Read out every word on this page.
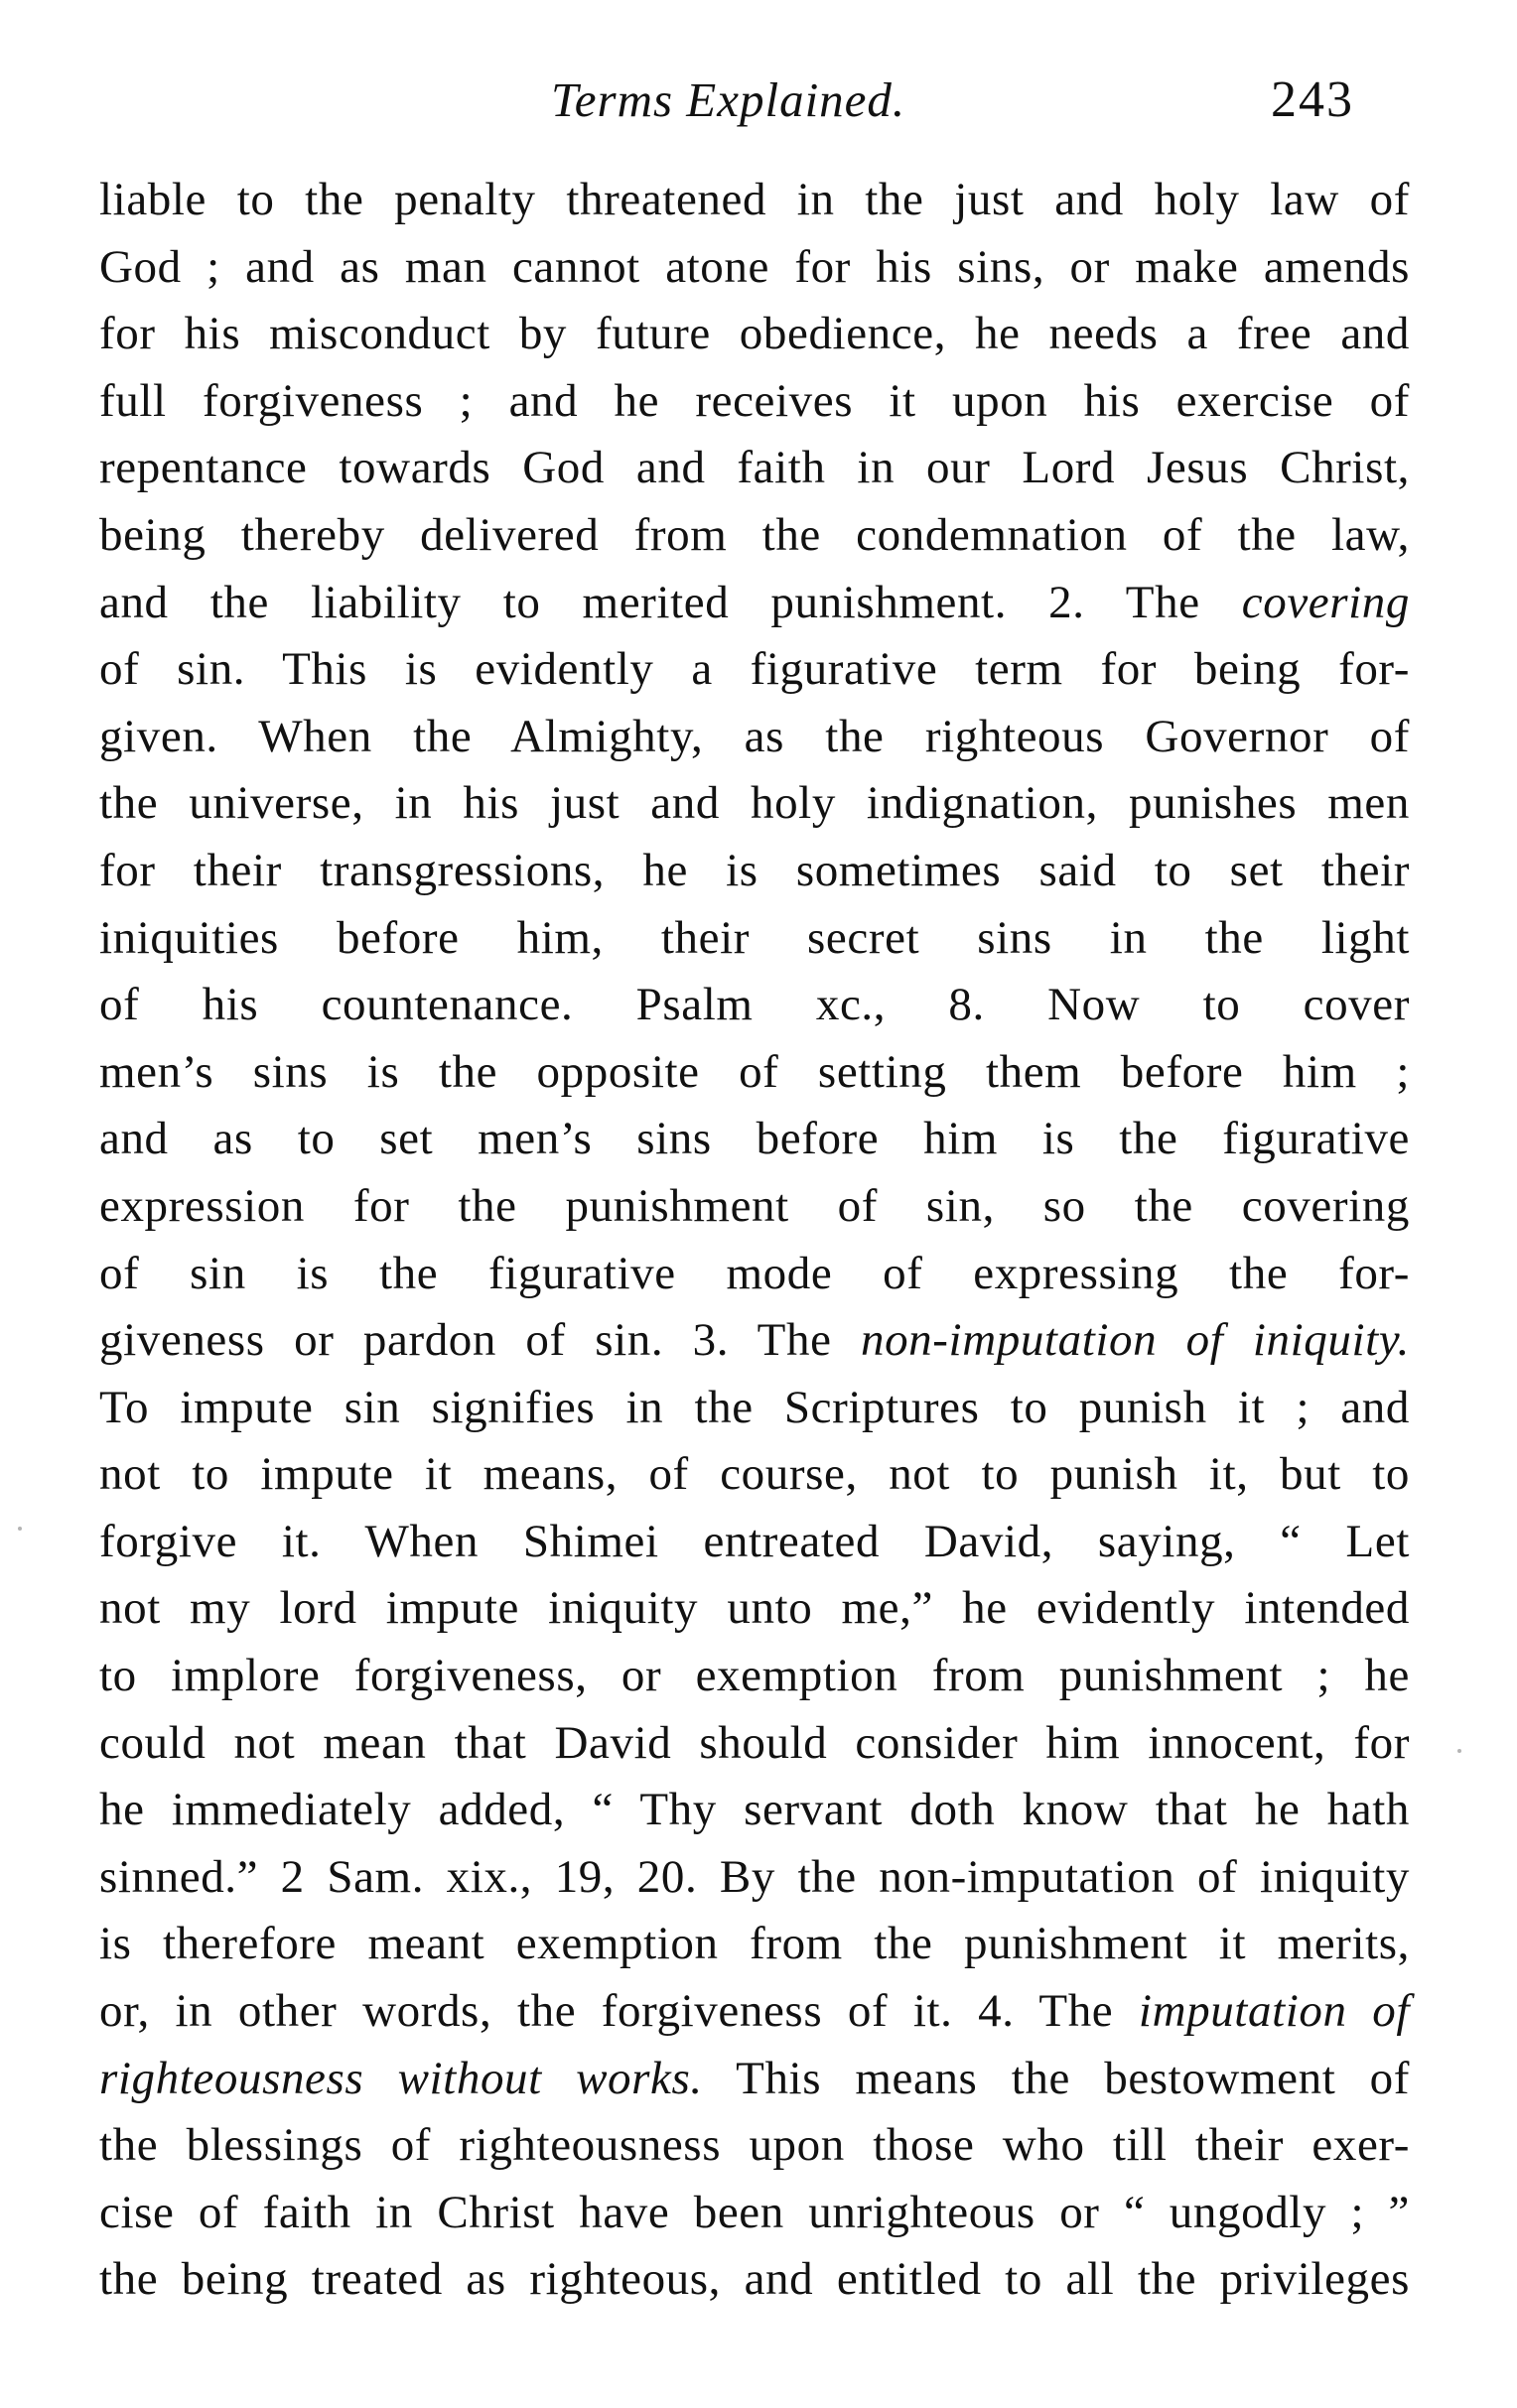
Terms Explained.	243
liable to the penalty threatened in the just and holy law of
God ; and as man cannot atone for his sins, or make amends
for his misconduct by future obedience, he needs a free and
full forgiveness ; and he receives it upon his exercise of
repentance towards God and faith in our Lord Jesus Christ,
being thereby delivered from the condemnation of the law,
and the liability to merited punishment. 2. The covering
of sin. This is evidently a figurative term for being for-
given. When the Almighty, as the righteous Governor of
the universe, in his just and holy indignation, punishes men
for their transgressions, he is sometimes said to set their
iniquities before him, their secret sins in the light
of his countenance. Psalm xc., 8. Now to cover
men’s sins is the opposite of setting them before him ;
and as to set men’s sins before him is the figurative
expression for the punishment of sin, so the covering
of sin is the figurative mode of expressing the for-
giveness or pardon of sin. 3. The non-imputation of iniquity.
To impute sin signifies in the Scriptures to punish it ; and
not to impute it means, of course, not to punish it, but to
forgive it. When Shimei entreated David, saying, “ Let
not my lord impute iniquity unto me,” he evidently intended
to implore forgiveness, or exemption from punishment ; he
could not mean that David should consider him innocent, for
he immediately added, “ Thy servant doth know that he hath
sinned.” 2 Sam. xix., 19, 20. By the non-imputation of iniquity
is therefore meant exemption from the punishment it merits,
or, in other words, the forgiveness of it. 4. The imputation of
righteousness without works. This means the bestowment of
the blessings of righteousness upon those who till their exer-
cise of faith in Christ have been unrighteous or “ ungodly ; ”
the being treated as righteous, and entitled to all the privileges
